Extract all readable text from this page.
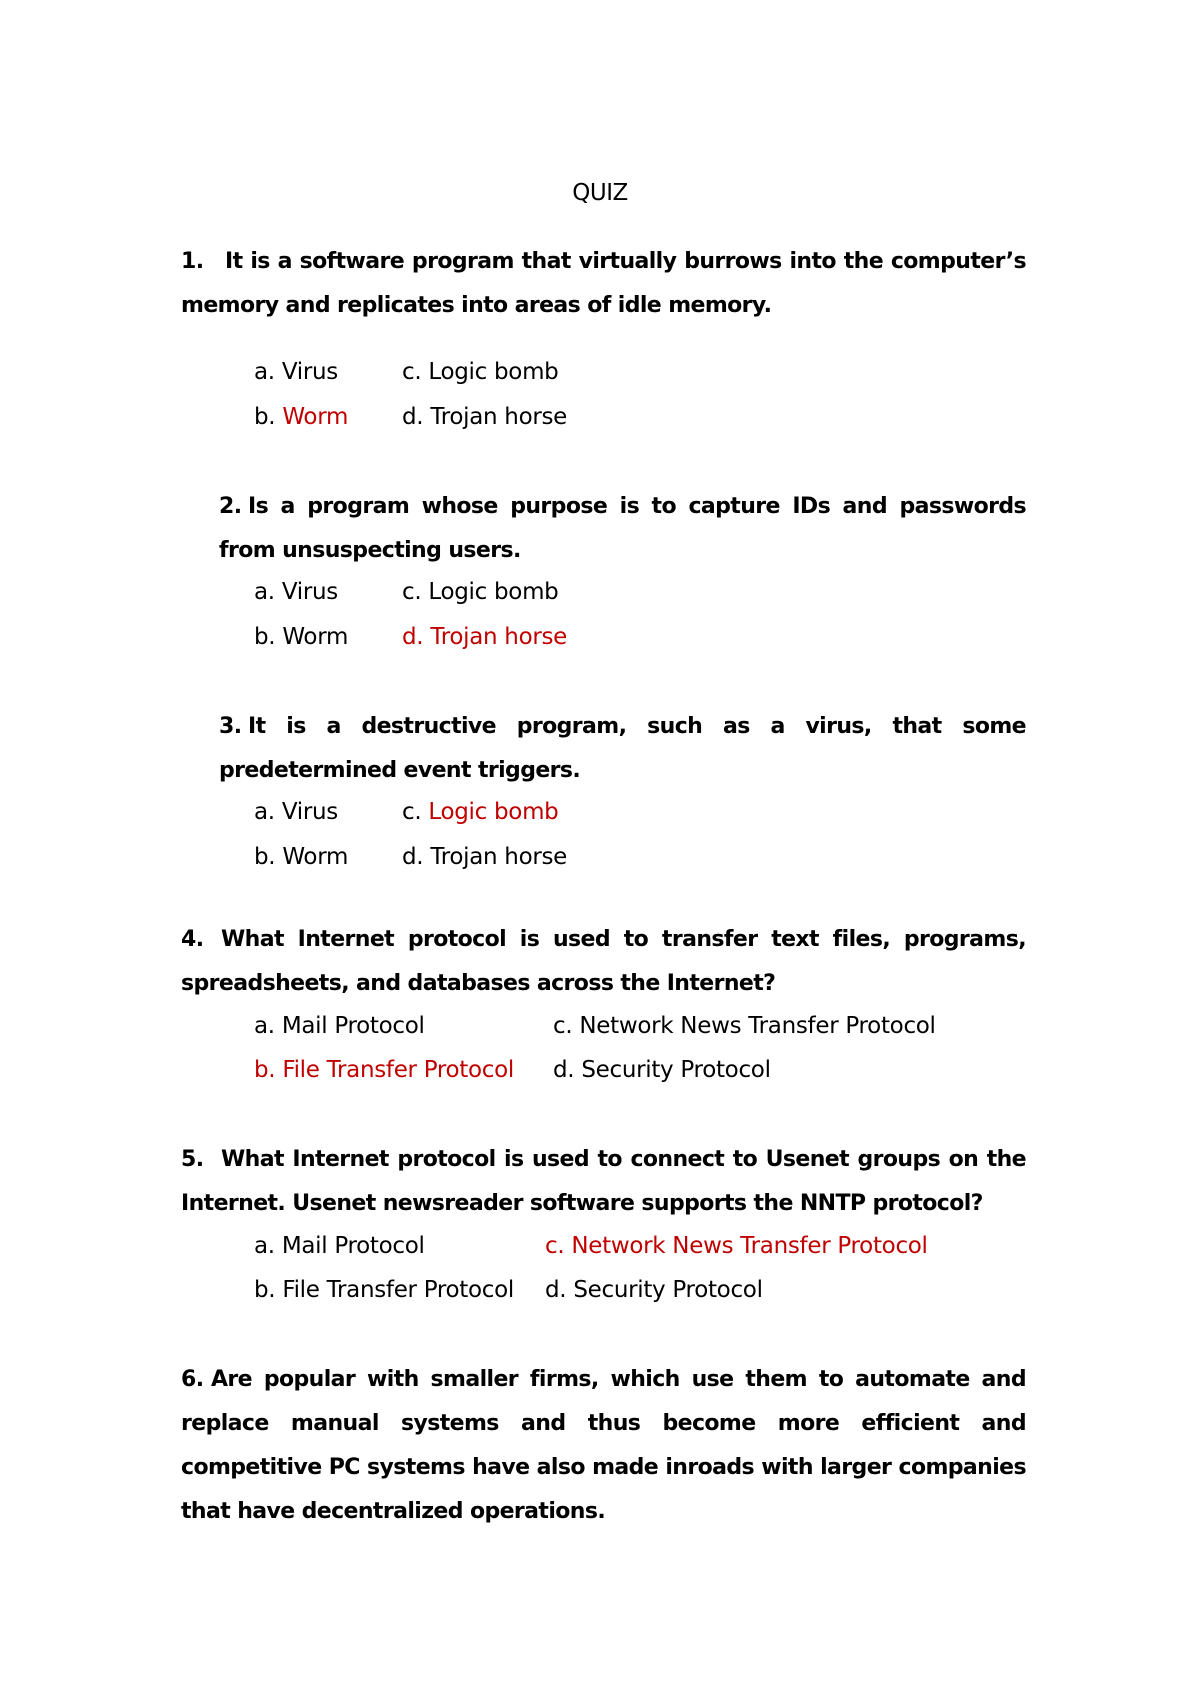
QUIZ
1. It is a software program that virtually burrows into the computer’s memory and replicates into areas of idle memory.
a. Virus	c. Logic bomb
b. Worm d. Trojan horse
2. Is a program whose purpose is to capture IDs and passwords from unsuspecting users.
a. Virus	c. Logic bomb
b. Worm d. Trojan horse
3. It is a destructive program, such as a virus, that some predetermined event triggers.
a. Virus	c. Logic bomb
b. Worm d. Trojan horse
4. What Internet protocol is used to transfer text files, programs, spreadsheets, and databases across the Internet?
a. Mail Protocol	c. Network News Transfer Protocol
b. File Transfer Protocol d. Security Protocol
5. What Internet protocol is used to connect to Usenet groups on the Internet. Usenet newsreader software supports the NNTP protocol?
a. Mail Protocol	c. Network News Transfer Protocol
b. File Transfer Protocol d. Security Protocol
6. Are popular with smaller firms, which use them to automate and replace manual systems and thus become more efficient and competitive PC systems have also made inroads with larger companies that have decentralized operations.
